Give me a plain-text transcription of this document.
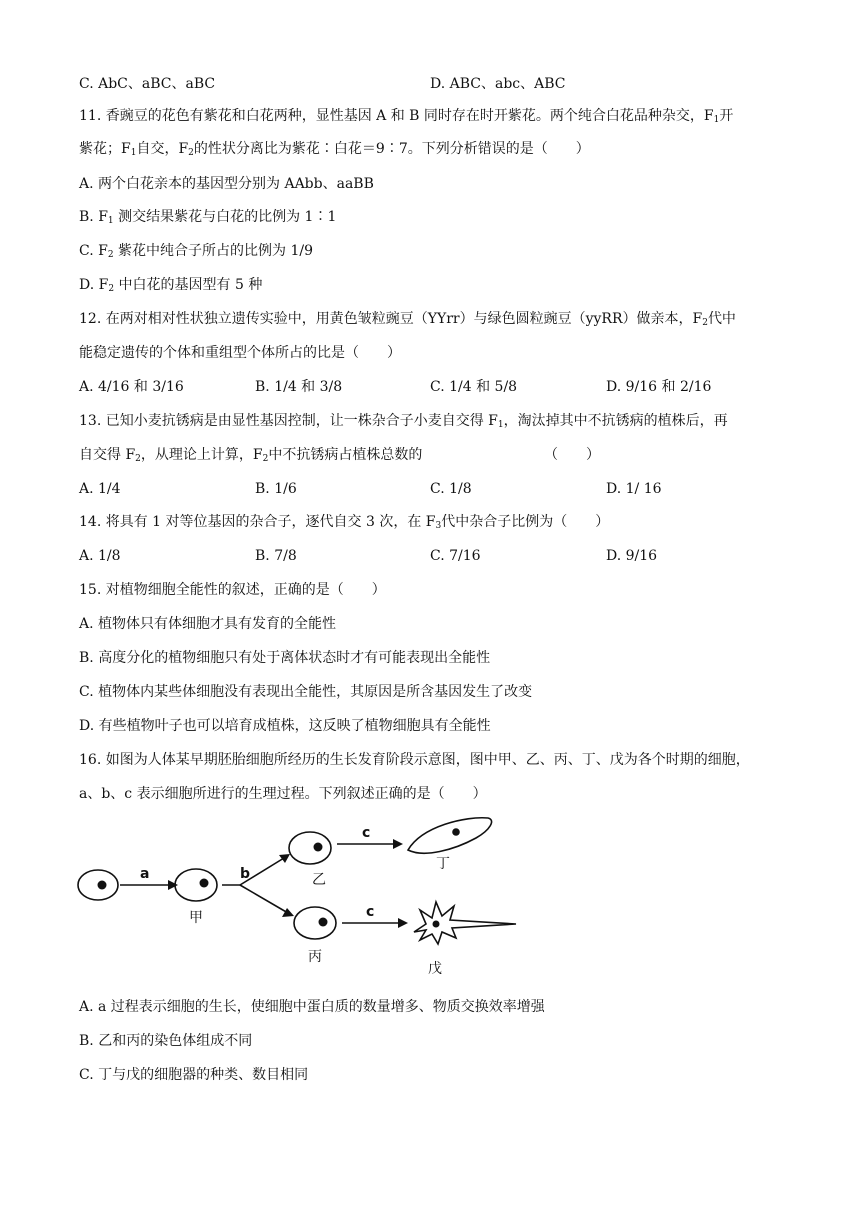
C. AbC、aBC、aBC	D. ABC、abc、ABC
11. 香豌豆的花色有紫花和白花两种，显性基因 A 和 B 同时存在时开紫花。两个纯合白花品种杂交，$F_1$开
紫花；$F_1$自交，$F_2$的性状分离比为紫花∶白花＝9∶7。下列分析错误的是（　　）
A. 两个白花亲本的基因型分别为 AAbb、aaBB
B. $F_1$ 测交结果紫花与白花的比例为 1∶1
C. $F_2$ 紫花中纯合子所占的比例为 1/9
D. $F_2$ 中白花的基因型有 5 种
12. 在两对相对性状独立遗传实验中，用黄色皱粒豌豆（YYrr）与绿色圆粒豌豆（yyRR）做亲本，$F_2$代中
能稳定遗传的个体和重组型个体所占的比是（　　）
A. 4/16 和 3/16	B. 1/4 和 3/8	C. 1/4 和 5/8	D. 9/16 和 2/16
13. 已知小麦抗锈病是由显性基因控制，让一株杂合子小麦自交得 $F_1$，淘汰掉其中不抗锈病的植株后，再
自交得 $F_2$，从理论上计算，$F_2$中不抗锈病占植株总数的	（　　）
A. 1/4	B. 1/6	C. 1/8	D. 1/ 16
14. 将具有 1 对等位基因的杂合子，逐代自交 3 次，在 $F_3$代中杂合子比例为（　　）
A. 1/8	B. 7/8	C. 7/16	D. 9/16
15. 对植物细胞全能性的叙述，正确的是（　　）
A. 植物体只有体细胞才具有发育的全能性
B. 高度分化的植物细胞只有处于离体状态时才有可能表现出全能性
C. 植物体内某些体细胞没有表现出全能性，其原因是所含基因发生了改变
D. 有些植物叶子也可以培育成植株，这反映了植物细胞具有全能性
16. 如图为人体某早期胚胎细胞所经历的生长发育阶段示意图，图中甲、乙、丙、丁、戊为各个时期的细胞，
a、b、c 表示细胞所进行的生理过程。下列叙述正确的是（　　）
a	b
c
c
甲
乙
丙
丁
戊
A. a 过程表示细胞的生长，使细胞中蛋白质的数量增多、物质交换效率增强
B. 乙和丙的染色体组成不同
C. 丁与戊的细胞器的种类、数目相同
